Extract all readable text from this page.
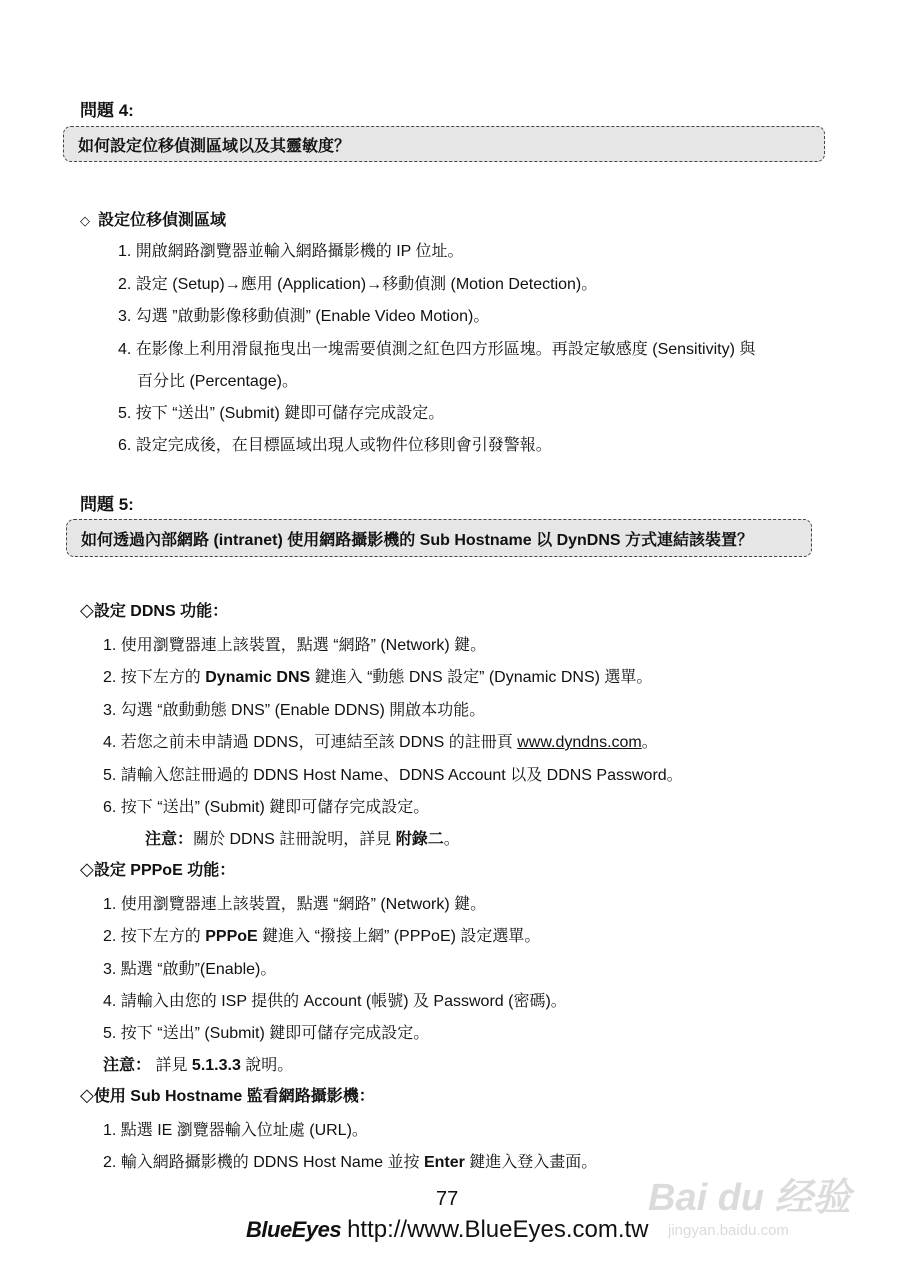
問題 4:
如何設定位移偵測區域以及其靈敏度？
◇ 設定位移偵測區域
1. 開啟網路瀏覽器並輸入網路攝影機的 IP 位址。
2. 設定 (Setup)→應用 (Application)→移動偵測 (Motion Detection)。
3. 勾選 ”啟動影像移動偵測” (Enable Video Motion)。
4. 在影像上利用滑鼠拖曳出一塊需要偵測之紅色四方形區塊。再設定敏感度 (Sensitivity) 與
百分比 (Percentage)。
5. 按下 “送出” (Submit) 鍵即可儲存完成設定。
6. 設定完成後，在目標區域出現人或物件位移則會引發警報。
問題 5:
如何透過內部網路 (intranet) 使用網路攝影機的 Sub Hostname 以 DynDNS 方式連結該裝置？
◇設定 DDNS 功能：
1. 使用瀏覽器連上該裝置，點選 “網路” (Network) 鍵。
2. 按下左方的 Dynamic DNS 鍵進入 “動態 DNS 設定” (Dynamic DNS) 選單。
3. 勾選 “啟動動態 DNS” (Enable DDNS) 開啟本功能。
4. 若您之前未申請過 DDNS，可連結至該 DDNS 的註冊頁 www.dyndns.com。
5. 請輸入您註冊過的 DDNS Host Name、DDNS Account 以及 DDNS Password。
6. 按下 “送出” (Submit) 鍵即可儲存完成設定。
注意：關於 DDNS 註冊說明，詳見 附錄二。
◇設定 PPPoE 功能：
1. 使用瀏覽器連上該裝置，點選 “網路” (Network) 鍵。
2. 按下左方的 PPPoE 鍵進入 “撥接上網” (PPPoE) 設定選單。
3. 點選 “啟動”(Enable)。
4. 請輸入由您的 ISP 提供的 Account (帳號) 及 Password (密碼)。
5. 按下 “送出” (Submit) 鍵即可儲存完成設定。
注意： 詳見 5.1.3.3 說明。
◇使用 Sub Hostname 監看網路攝影機：
1. 點選 IE 瀏覽器輸入位址處 (URL)。
2. 輸入網路攝影機的 DDNS Host Name 並按 Enter 鍵進入登入畫面。
Bai du 经验
jingyan.baidu.com
77
BlueEyes http://www.BlueEyes.com.tw
